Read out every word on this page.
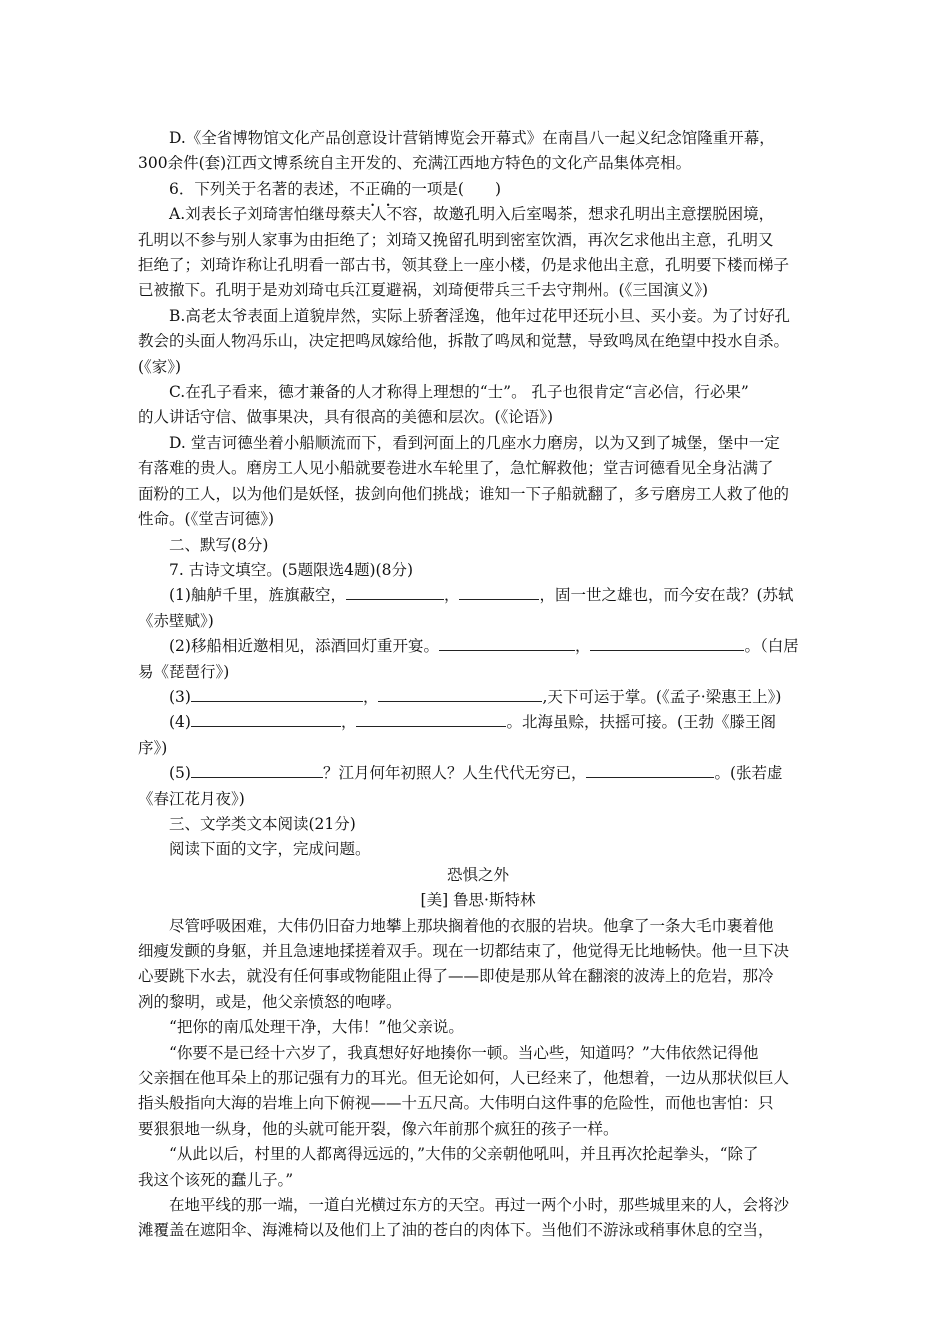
D.《全省博物馆文化产品创意设计营销博览会开幕式》在南昌八一起义纪念馆隆重开幕，

300余件(套)江西文博系统自主开发的、充满江西地方特色的文化产品集体亮相。

6．下列关于名著的表述，不正确的一项是(　　)

A.刘表长子刘琦害怕继母蔡夫人不容，故邀孔明入后室喝茶，想求孔明出主意摆脱困境，

孔明以不参与别人家事为由拒绝了；刘琦又挽留孔明到密室饮酒，再次乞求他出主意，孔明又

拒绝了；刘琦诈称让孔明看一部古书，领其登上一座小楼，仍是求他出主意，孔明要下楼而梯子

已被撤下。孔明于是劝刘琦屯兵江夏避祸，刘琦便带兵三千去守荆州。(《三国演义》)

B.高老太爷表面上道貌岸然，实际上骄奢淫逸，他年过花甲还玩小旦、买小妾。为了讨好孔

教会的头面人物冯乐山，决定把鸣凤嫁给他，拆散了鸣凤和觉慧，导致鸣凤在绝望中投水自杀。

(《家》)

C.在孔子看来，德才兼备的人才称得上理想的“士”。 孔子也很肯定“言必信，行必果”

的人讲话守信、做事果决，具有很高的美德和层次。(《论语》)

D. 堂吉诃德坐着小船顺流而下，看到河面上的几座水力磨房，以为又到了城堡，堡中一定

有落难的贵人。磨房工人见小船就要卷进水车轮里了，急忙解救他；堂吉诃德看见全身沾满了

面粉的工人，以为他们是妖怪，拔剑向他们挑战；谁知一下子船就翻了，多亏磨房工人救了他的

性命。(《堂吉诃德》)

二、默写(8分)

7. 古诗文填空。(5题限选4题)(8分)

(1)舳舻千里，旌旗蔽空，	，	，固一世之雄也，而今安在哉？(苏轼

《赤壁赋》)

(2)移船相近邀相见，添酒回灯重开宴。	，	。（白居

易《琵琶行》)

(3)	，	,天下可运于掌。(《孟子·梁惠王上》)

(4)	，	。北海虽赊，扶摇可接。(王勃《滕王阁

序》)

(5)	？江月何年初照人？人生代代无穷已，	。(张若虚

《春江花月夜》)

三、文学类文本阅读(21分)

阅读下面的文字，完成问题。

恐惧之外

[美] 鲁思·斯特林

尽管呼吸困难，大伟仍旧奋力地攀上那块搁着他的衣服的岩块。他拿了一条大毛巾裹着他

细瘦发颤的身躯，并且急速地揉搓着双手。现在一切都结束了，他觉得无比地畅快。他一旦下决

心要跳下水去，就没有任何事或物能阻止得了——即使是那从耸在翻滚的波涛上的危岩，那冷

冽的黎明，或是，他父亲愤怒的咆哮。

“把你的南瓜处理干净，大伟！”他父亲说。

“你要不是已经十六岁了，我真想好好地揍你一顿。当心些，知道吗？”大伟依然记得他

父亲掴在他耳朵上的那记强有力的耳光。但无论如何，人已经来了，他想着，一边从那状似巨人

指头般指向大海的岩堆上向下俯视——十五尺高。大伟明白这件事的危险性，而他也害怕：只

要狠狠地一纵身，他的头就可能开裂，像六年前那个疯狂的孩子一样。

“从此以后，村里的人都离得远远的，”大伟的父亲朝他吼叫，并且再次抡起拳头，“除了

我这个该死的蠢儿子。”

在地平线的那一端，一道白光横过东方的天空。再过一两个小时，那些城里来的人，会将沙

滩覆盖在遮阳伞、海滩椅以及他们上了油的苍白的肉体下。当他们不游泳或稍事休息的空当，
